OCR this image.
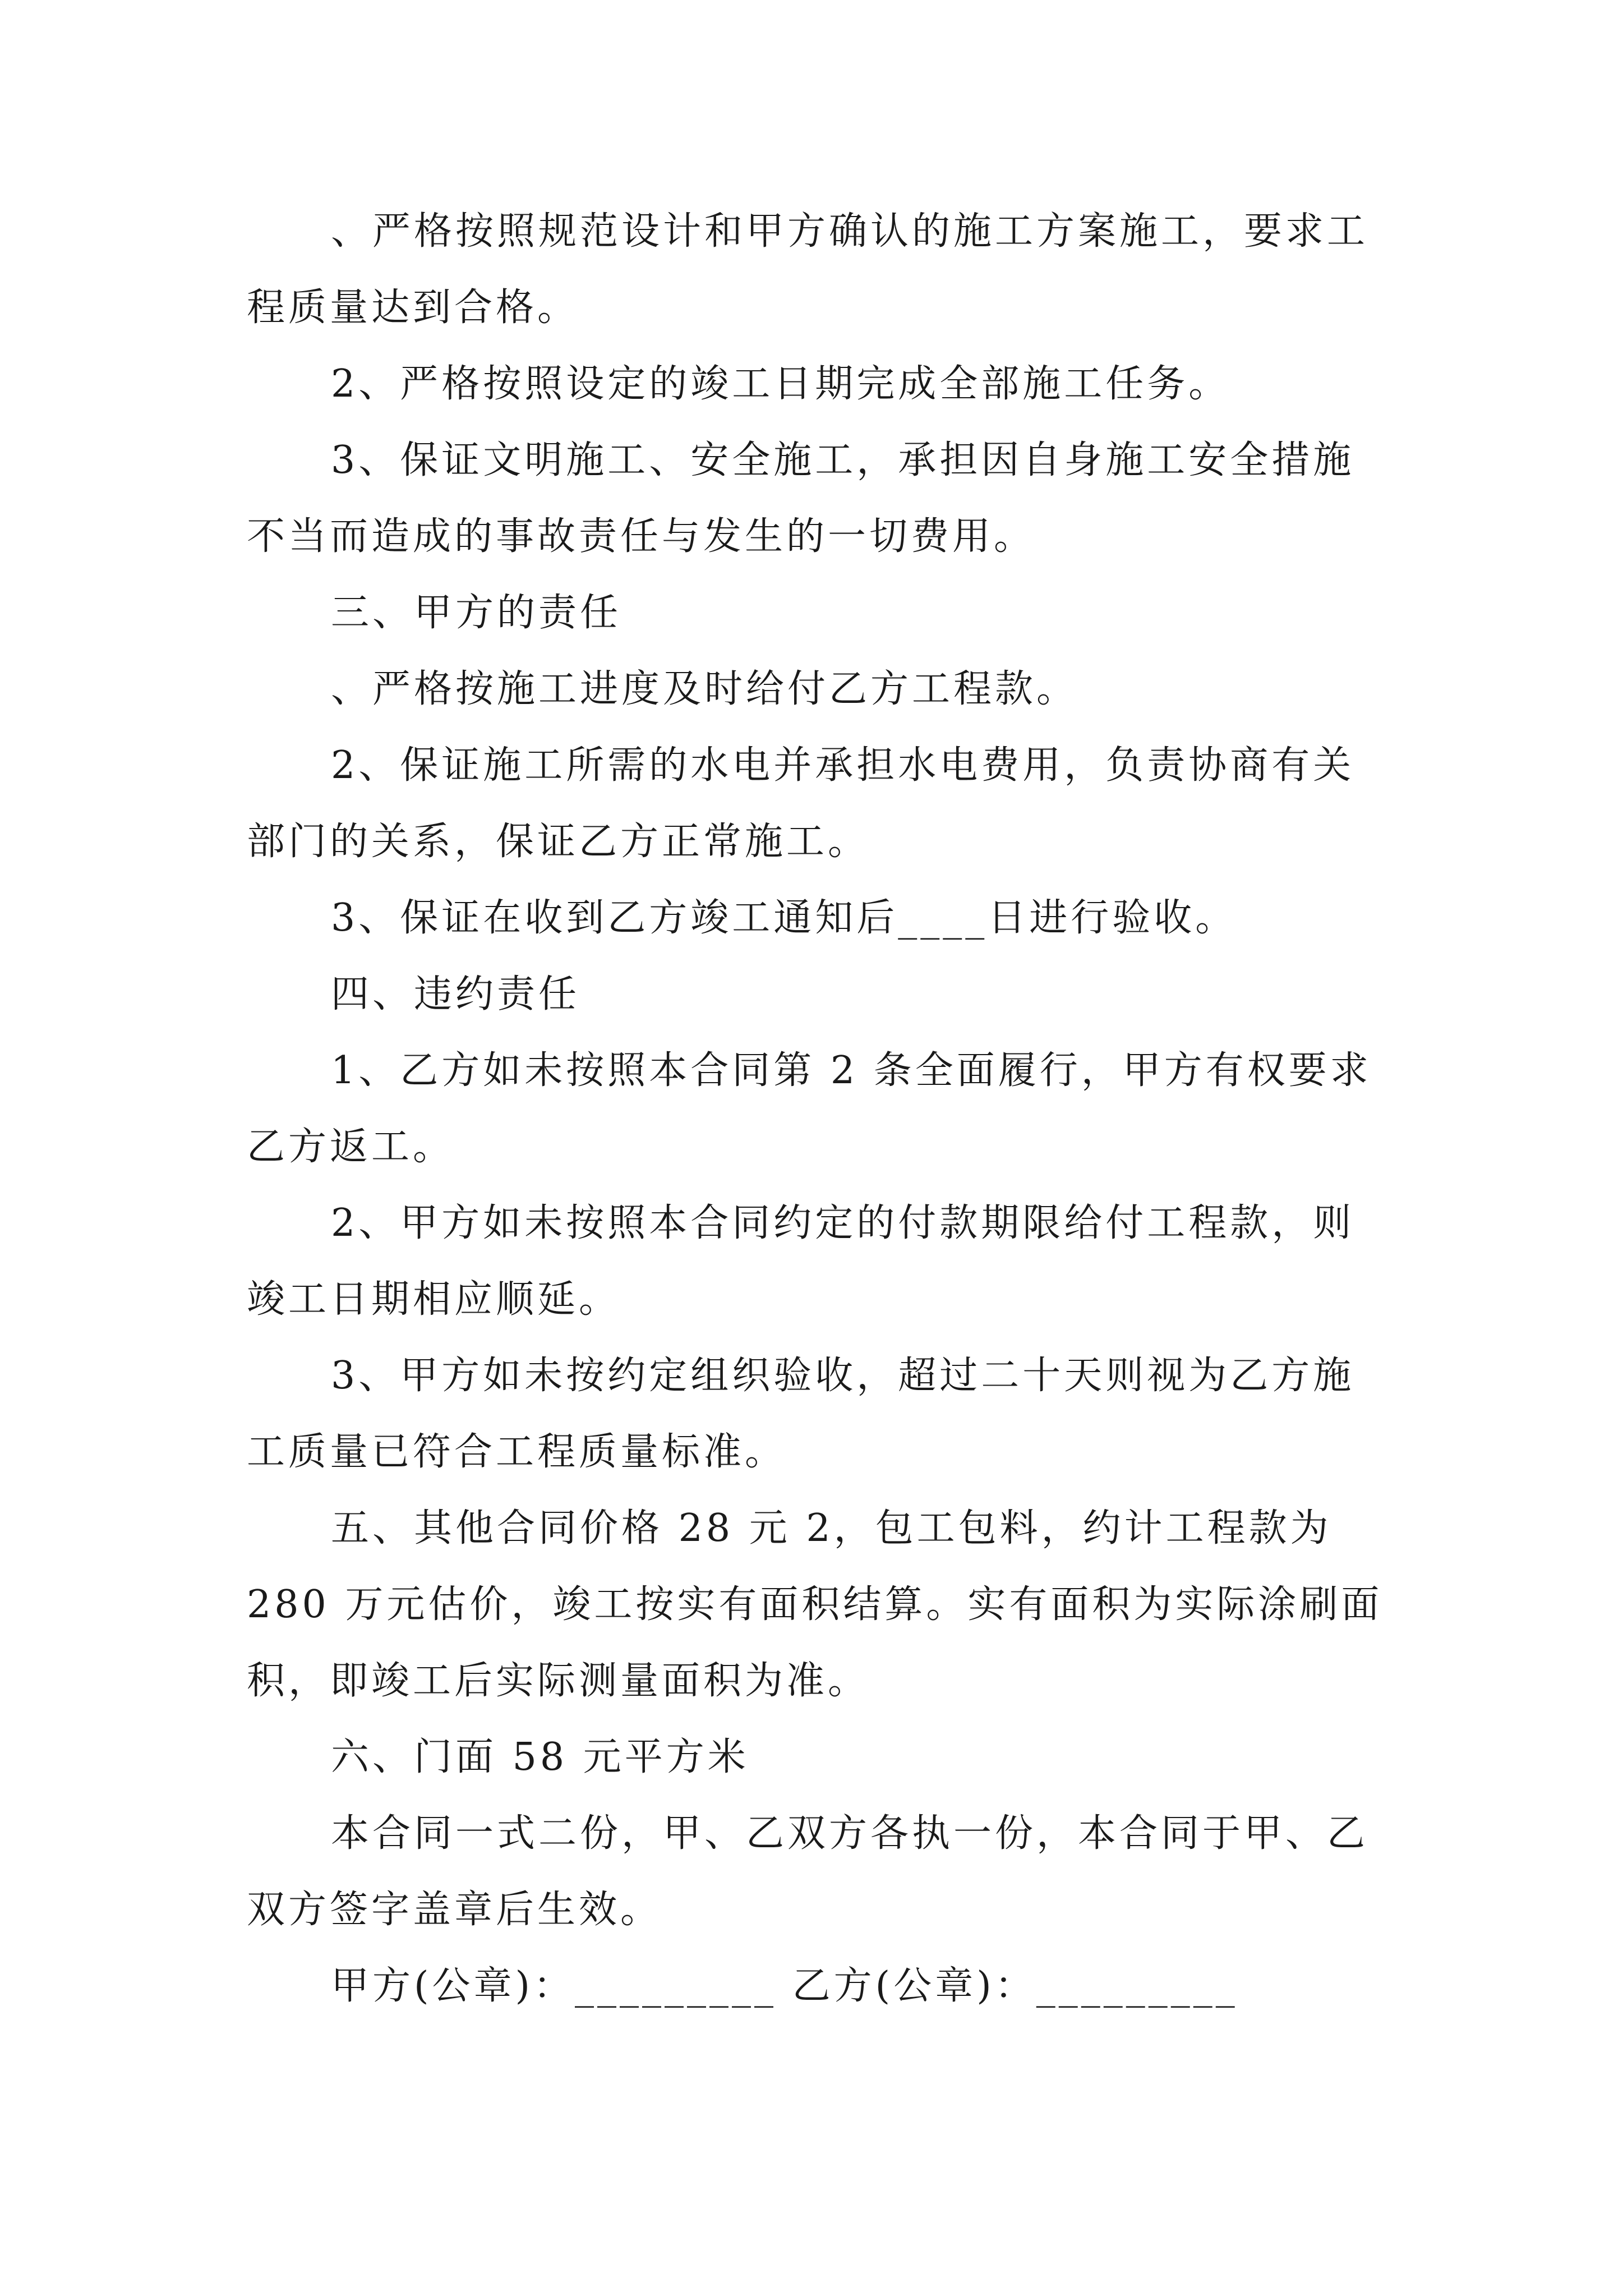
、严格按照规范设计和甲方确认的施工方案施工，要求工程质量达到合格。

2、严格按照设定的竣工日期完成全部施工任务。

3、保证文明施工、安全施工，承担因自身施工安全措施不当而造成的事故责任与发生的一切费用。

三、甲方的责任

、严格按施工进度及时给付乙方工程款。

2、保证施工所需的水电并承担水电费用，负责协商有关部门的关系，保证乙方正常施工。

3、保证在收到乙方竣工通知后____日进行验收。

四、违约责任

1、乙方如未按照本合同第 2 条全面履行，甲方有权要求乙方返工。

2、甲方如未按照本合同约定的付款期限给付工程款，则竣工日期相应顺延。

3、甲方如未按约定组织验收，超过二十天则视为乙方施工质量已符合工程质量标准。

五、其他合同价格 28 元 2，包工包料，约计工程款为 280 万元估价，竣工按实有面积结算。实有面积为实际涂刷面积，即竣工后实际测量面积为准。

六、门面 58 元平方米

本合同一式二份，甲、乙双方各执一份，本合同于甲、乙双方签字盖章后生效。

甲方(公章)：_________ 乙方(公章)：_________
